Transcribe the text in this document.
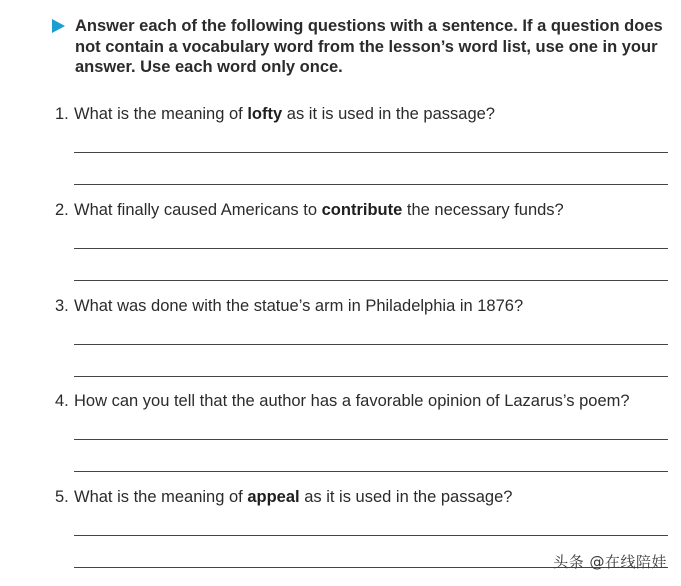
Answer each of the following questions with a sentence. If a question does not contain a vocabulary word from the lesson’s word list, use one in your answer. Use each word only once.
1. What is the meaning of lofty as it is used in the passage?
2. What finally caused Americans to contribute the necessary funds?
3. What was done with the statue’s arm in Philadelphia in 1876?
4. How can you tell that the author has a favorable opinion of Lazarus’s poem?
5. What is the meaning of appeal as it is used in the passage?
头条 @在线陪娃
